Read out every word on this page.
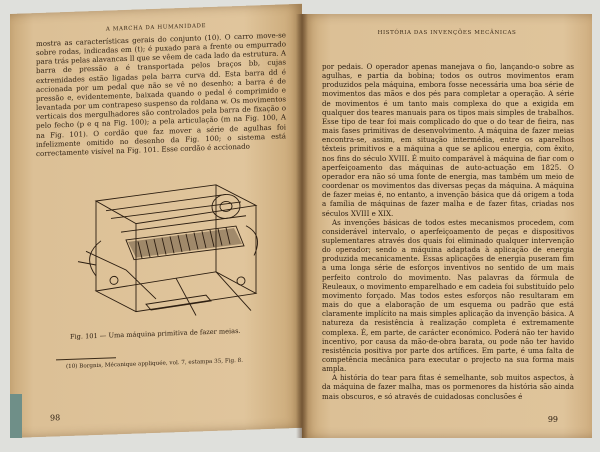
A MARCHA DA HUMANIDADE

mostra as características gerais do conjunto (10). O carro move-se sobre rodas, indicadas em (t); é puxado para a frente ou empurrado para trás pelas alavancas ll que se vêem de cada lado da estrutura. A barra de pressão a é transportada pelos braços bb, cujas extremidades estão ligadas pela barra curva dd. Esta barra dd é accionada por um pedal que não se vê no desenho; a barra é de pressão e, evidentemente, baixada quando o pedal é comprimido e levantada por um contrapeso suspenso da roldana w. Os movimentos verticais dos mergulhadores são controlados pela barra de fixação o pelo fecho (p e q na Fig. 100); a pela articulação (m na Fig. 100, A na Fig. 101). O cordão que faz mover a série de agulhas foi infelizmente omitido no desenho da Fig. 100; o sistema está correctamente visível na Fig. 101. Esse cordão é accionado

Fig. 101 — Uma máquina primitiva de fazer meias.
(10) Borgnis, Mécanique appliquée, vol. 7, estampa 35, Fig. 8.
98
HISTÓRIA DAS INVENÇÕES MECÂNICAS

por pedais. O operador apenas manejava o fio, lançando-o sobre as agulhas, e partia da bobina; todos os outros movimentos eram produzidos pela máquina, embora fosse necessária uma boa série de movimentos das mãos e dos pés para completar a operação. A série de movimentos é um tanto mais complexa do que a exigida em qualquer dos teares manuais para os tipos mais simples de trabalhos. Esse tipo de tear foi mais complicado do que o do tear de fieira, nas mais fases primitivas de desenvolvimento. A máquina de fazer meias encontra-se, assim, em situação intermédia, entre os aparelhos têxteis primitivos e a máquina a que se aplicou energia, com êxito, nos fins do século XVIII. É muito comparável à máquina de fiar com o aperfeiçoamento das máquinas de auto-actuação em 1825. O operador era não só uma fonte de energia, mas também um meio de coordenar os movimentos das diversas peças da máquina. A máquina de fazer meias é, no entanto, a invenção básica que dá origem a toda a família de máquinas de fazer malha e de fazer fitas, criadas nos séculos XVIII e XIX.

As invenções básicas de todos estes mecanismos procedem, com considerável intervalo, o aperfeiçoamento de peças e dispositivos suplementares através dos quais foi eliminado qualquer intervenção do operador; sendo a máquina adaptada à aplicação de energia produzida mecanicamente. Essas aplicações de energia puseram fim a uma longa série de esforços inventivos no sentido de um mais perfeito controlo do movimento. Nas palavras da fórmula de Reuleaux, o movimento emparelhado e em cadeia foi substituído pelo movimento forçado. Mas todos estes esforços não resultaram em mais do que a elaboração de um esquema ou padrão que está claramente implícito na mais simples aplicação da invenção básica. A natureza da resistência à realização completa é extremamente complexa. É, em parte, de carácter económico. Poderá não ter havido incentivo, por causa da mão-de-obra barata, ou pode não ter havido resistência positiva por parte dos artífices. Em parte, é uma falta de competência mecânica para executar o projecto na sua forma mais ampla.

A história do tear para fitas é semelhante, sob muitos aspectos, à da máquina de fazer malha, mas os pormenores da história são ainda mais obscuros, e só através de cuidadosas conclusões é

99
